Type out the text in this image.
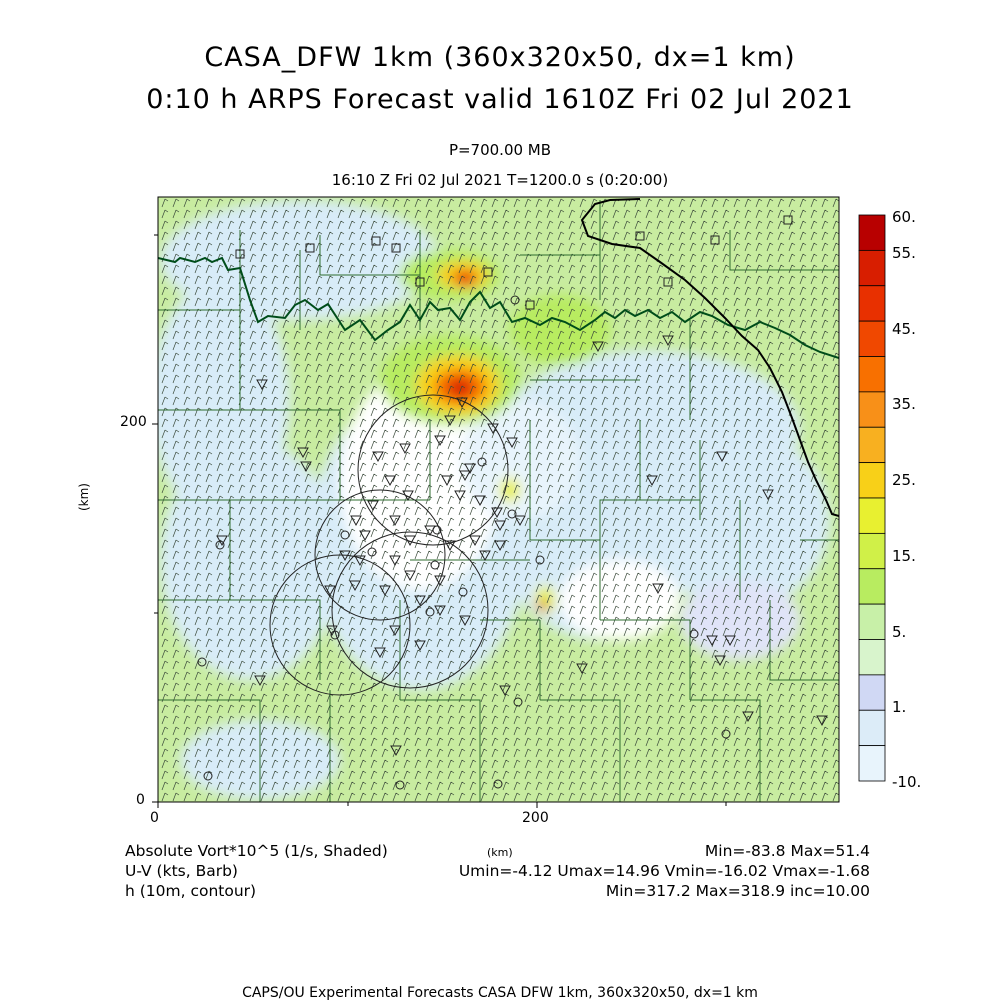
CASA_DFW 1km (360x320x50, dx=1 km)
0:10 h ARPS Forecast valid 1610Z Fri 02 Jul 2021
P=700.00 MB
16:10 Z Fri 02 Jul 2021 T=1200.0 s (0:20:00)
0	200
0
200
(km)
Absolute Vort*10^5 (1/s, Shaded)
U-V (kts, Barb)
h (10m, contour)
(km)	Min=-83.8 Max=51.4
Umin=-4.12 Umax=14.96 Vmin=-16.02 Vmax=-1.68
Min=317.2 Max=318.9 inc=10.00
CAPS/OU Experimental Forecasts CASA DFW 1km, 360x320x50, dx=1 km
60.
55.
45.
35.
25.
15.
5.
1.
-10.
